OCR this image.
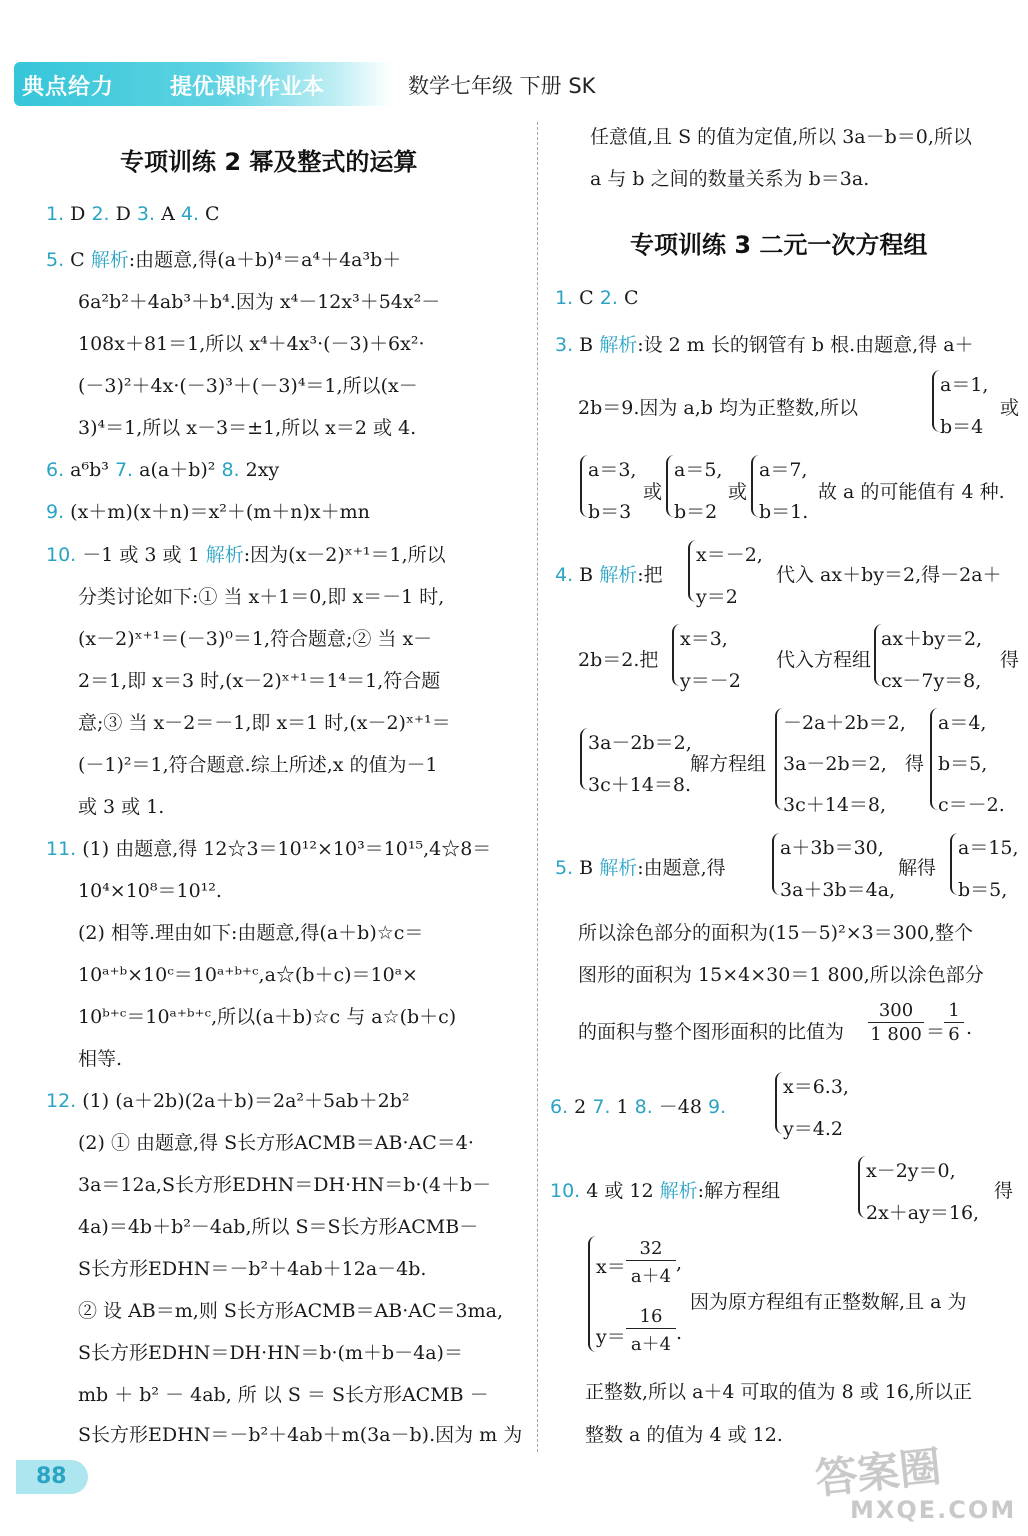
典点给力	提优课时作业本	数学七年级 下册 SK
专项训练 2 幂及整式的运算
1. D 2. D 3. A 4. C
5. C 解析:由题意,得(a＋b)⁴＝a⁴＋4a³b＋
6a²b²＋4ab³＋b⁴.因为 x⁴－12x³＋54x²－
108x＋81＝1,所以 x⁴＋4x³·(－3)＋6x²·
(－3)²＋4x·(－3)³＋(－3)⁴＝1,所以(x－
3)⁴＝1,所以 x－3＝±1,所以 x＝2 或 4.
6. a⁶b³ 7. a(a＋b)² 8. 2xy
9. (x＋m)(x＋n)＝x²＋(m＋n)x＋mn
10. －1 或 3 或 1 解析:因为(x－2)ˣ⁺¹＝1,所以
分类讨论如下:① 当 x＋1＝0,即 x＝－1 时,
(x－2)ˣ⁺¹＝(－3)⁰＝1,符合题意;② 当 x－
2＝1,即 x＝3 时,(x－2)ˣ⁺¹＝1⁴＝1,符合题
意;③ 当 x－2＝－1,即 x＝1 时,(x－2)ˣ⁺¹＝
(－1)²＝1,符合题意.综上所述,x 的值为－1
或 3 或 1.
11. (1) 由题意,得 12☆3＝10¹²×10³＝10¹⁵,4☆8＝
10⁴×10⁸＝10¹².
(2) 相等.理由如下:由题意,得(a＋b)☆c＝
10ᵃ⁺ᵇ×10ᶜ＝10ᵃ⁺ᵇ⁺ᶜ,a☆(b＋c)＝10ᵃ×
10ᵇ⁺ᶜ＝10ᵃ⁺ᵇ⁺ᶜ,所以(a＋b)☆c 与 a☆(b＋c)
相等.
12. (1) (a＋2b)(2a＋b)＝2a²＋5ab＋2b²
(2) ① 由题意,得 S长方形ACMB＝AB·AC＝4·
3a＝12a,S长方形EDHN＝DH·HN＝b·(4＋b－
4a)＝4b＋b²－4ab,所以 S＝S长方形ACMB－
S长方形EDHN＝－b²＋4ab＋12a－4b.
② 设 AB＝m,则 S长方形ACMB＝AB·AC＝3ma,
S长方形EDHN＝DH·HN＝b·(m＋b－4a)＝
mb ＋ b² － 4ab, 所 以 S ＝ S长方形ACMB －
S长方形EDHN＝－b²＋4ab＋m(3a－b).因为 m 为
任意值,且 S 的值为定值,所以 3a－b＝0,所以
a 与 b 之间的数量关系为 b＝3a.
专项训练 3 二元一次方程组
1. C 2. C
3. B 解析:设 2 m 长的钢管有 b 根.由题意,得 a＋
2b＝9.因为 a,b 均为正整数,所以
a＝1,
b＝4
或
a＝3,
b＝3
或
a＝5,
b＝2
或
a＝7,
b＝1.
故 a 的可能值有 4 种.
4. B 解析:把
x＝－2,
y＝2
代入 ax＋by＝2,得－2a＋
2b＝2.把
x＝3,
y＝－2
代入方程组
ax＋by＝2,
cx－7y＝8,
得
3a－2b＝2,
3c＋14＝8.
解方程组
－2a＋2b＝2,
3a－2b＝2,
3c＋14＝8,
得
a＝4,
b＝5,
c＝－2.
5. B 解析:由题意,得
a＋3b＝30,
3a＋3b＝4a,
解得
a＝15,
b＝5,
所以涂色部分的面积为(15－5)²×3＝300,整个
图形的面积为 15×4×30＝1 800,所以涂色部分
的面积与整个图形面积的比值为
300
1 800 ＝
1
6 .
6. 2 7. 1 8. －48 9.
x＝6.3,
y＝4.2
10. 4 或 12 解析:解方程组
x－2y＝0,
2x＋ay＝16,
得
x＝
32
a＋4
,
y＝
16
a＋4
.
因为原方程组有正整数解,且 a 为
正整数,所以 a＋4 可取的值为 8 或 16,所以正
整数 a 的值为 4 或 12.
88	答案圈
MXQE.COM
